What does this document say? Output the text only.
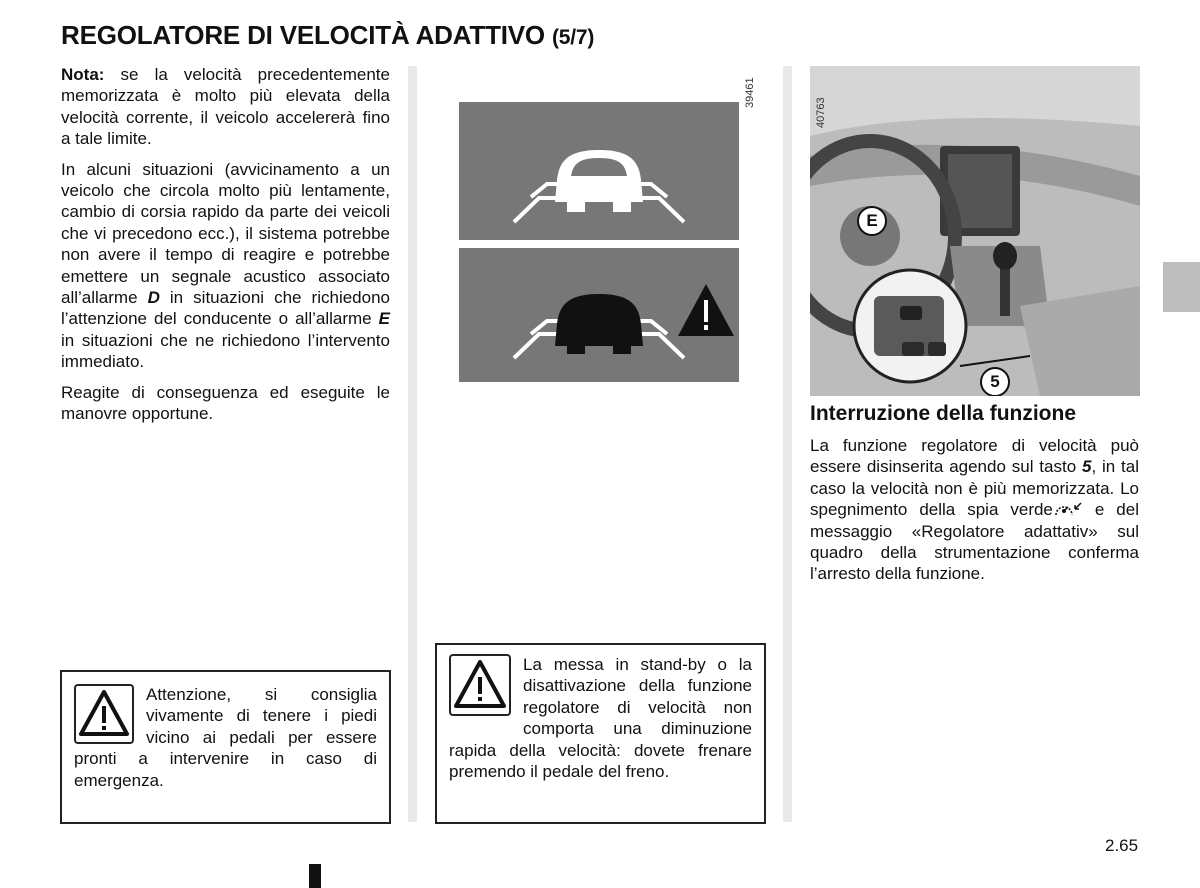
REGOLATORE DI VELOCITÀ ADATTIVO (5/7)

Nota: se la velocità precedentemente memorizzata è molto più elevata della velocità corrente, il veicolo accelererà fino a tale limite.

In alcuni situazioni (avvicinamento a un veicolo che circola molto più lentamente, cambio di corsia rapido da parte dei veicoli che vi precedono ecc.), il sistema potrebbe non avere il tempo di reagire e potrebbe emettere un segnale acustico associato all’allarme D in situazioni che richiedono l’attenzione del conducente o all’allarme E in situazioni che ne richiedono l’intervento immediato.

Reagite di conseguenza ed eseguite le manovre opportune.

Attenzione, si consiglia vivamente di tenere i piedi vicino ai pedali per essere pronti a intervenire in caso di emergenza.
39461
La messa in stand-by o la disattivazione della funzione regolatore di velocità non comporta una diminuzione rapida della velocità: dovete frenare premendo il pedale del freno.
E
5
40763
Interruzione della funzione

La funzione regolatore di velocità può essere disinserita agendo sul tasto 5, in tal caso la velocità non è più memorizzata. Lo spegnimento della spia verde e del messaggio «Regolatore adattativ» sul quadro della strumentazione conferma l’arresto della funzione.

2.65
